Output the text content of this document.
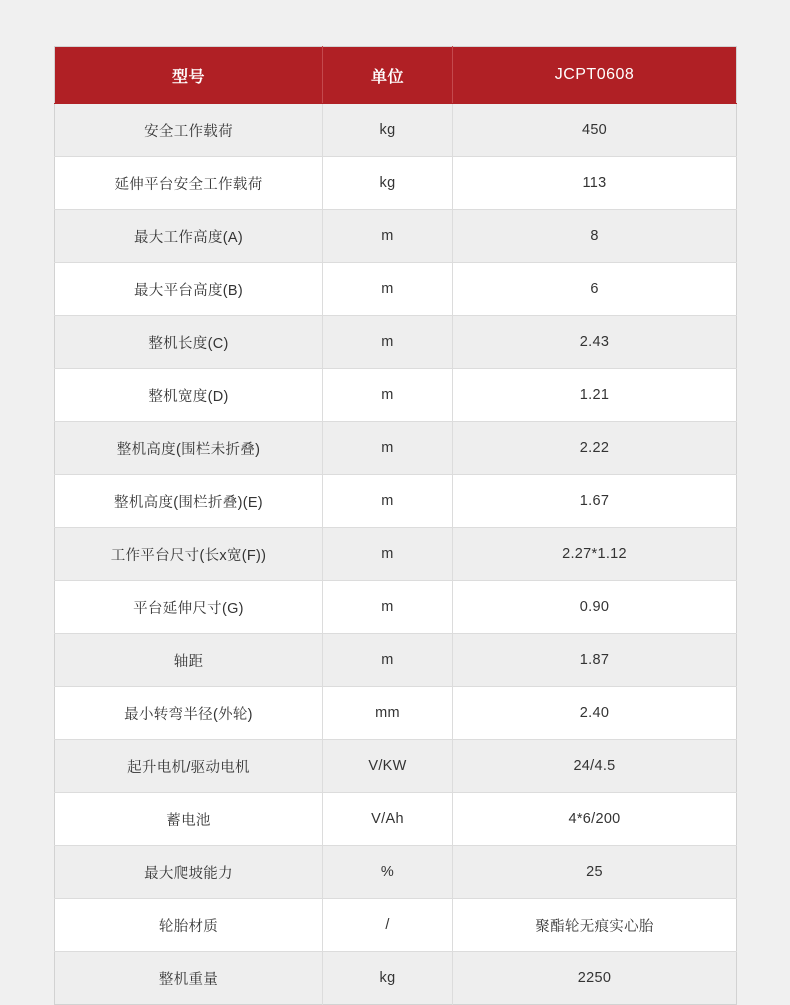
型号	单位	JCPT0608
安全工作载荷	kg	450
延伸平台安全工作载荷	kg	113
最大工作高度(A)	m	8
最大平台高度(B)	m	6
整机长度(C)	m	2.43
整机宽度(D)	m	1.21
整机高度(围栏未折叠)	m	2.22
整机高度(围栏折叠)(E)	m	1.67
工作平台尺寸(长x宽(F))	m	2.27*1.12
平台延伸尺寸(G)	m	0.90
轴距	m	1.87
最小转弯半径(外轮)	mm	2.40
起升电机/驱动电机	V/KW	24/4.5
蓄电池	V/Ah	4*6/200
最大爬坡能力	%	25
轮胎材质	/	聚酯轮无痕实心胎
整机重量	kg	2250
